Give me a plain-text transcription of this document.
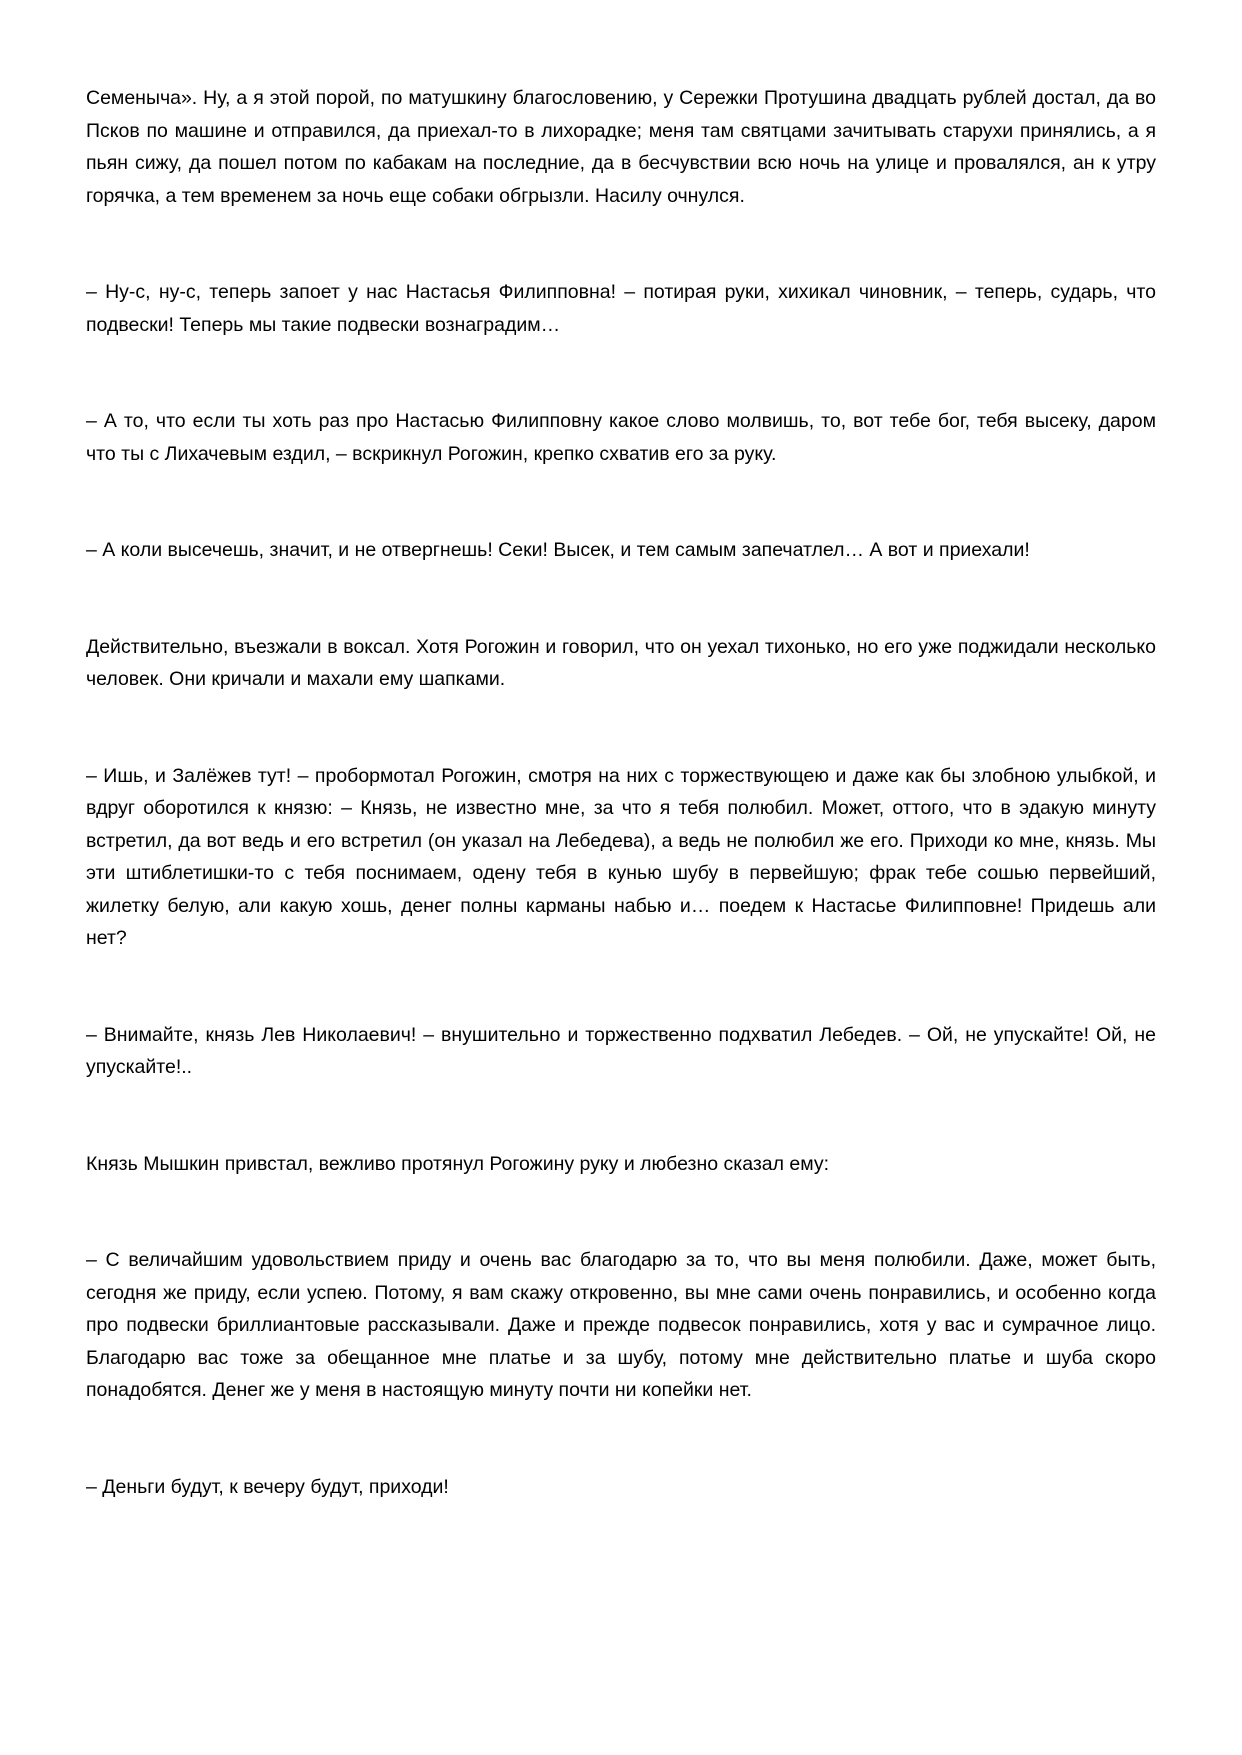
Семеныча». Ну, а я этой порой, по матушкину благословению, у Сережки Протушина двадцать рублей достал, да во Псков по машине и отправился, да приехал-то в лихорадке; меня там святцами зачитывать старухи принялись, а я пьян сижу, да пошел потом по кабакам на последние, да в бесчувствии всю ночь на улице и провалялся, ан к утру горячка, а тем временем за ночь еще собаки обгрызли. Насилу очнулся.

– Ну-с, ну-с, теперь запоет у нас Настасья Филипповна! – потирая руки, хихикал чиновник, – теперь, сударь, что подвески! Теперь мы такие подвески вознаградим…

– А то, что если ты хоть раз про Настасью Филипповну какое слово молвишь, то, вот тебе бог, тебя высеку, даром что ты с Лихачевым ездил, – вскрикнул Рогожин, крепко схватив его за руку.

– А коли высечешь, значит, и не отвергнешь! Секи! Высек, и тем самым запечатлел… А вот и приехали!

Действительно, въезжали в воксал. Хотя Рогожин и говорил, что он уехал тихонько, но его уже поджидали несколько человек. Они кричали и махали ему шапками.

– Ишь, и Залёжев тут! – пробормотал Рогожин, смотря на них с торжествующею и даже как бы злобною улыбкой, и вдруг оборотился к князю: – Князь, не известно мне, за что я тебя полюбил. Может, оттого, что в эдакую минуту встретил, да вот ведь и его встретил (он указал на Лебедева), а ведь не полюбил же его. Приходи ко мне, князь. Мы эти штиблетишки-то с тебя поснимаем, одену тебя в кунью шубу в первейшую; фрак тебе сошью первейший, жилетку белую, али какую хошь, денег полны карманы набью и… поедем к Настасье Филипповне! Придешь али нет?

– Внимайте, князь Лев Николаевич! – внушительно и торжественно подхватил Лебедев. – Ой, не упускайте! Ой, не упускайте!..

Князь Мышкин привстал, вежливо протянул Рогожину руку и любезно сказал ему:

– С величайшим удовольствием приду и очень вас благодарю за то, что вы меня полюбили. Даже, может быть, сегодня же приду, если успею. Потому, я вам скажу откровенно, вы мне сами очень понравились, и особенно когда про подвески бриллиантовые рассказывали. Даже и прежде подвесок понравились, хотя у вас и сумрачное лицо. Благодарю вас тоже за обещанное мне платье и за шубу, потому мне действительно платье и шуба скоро понадобятся. Денег же у меня в настоящую минуту почти ни копейки нет.

– Деньги будут, к вечеру будут, приходи!
